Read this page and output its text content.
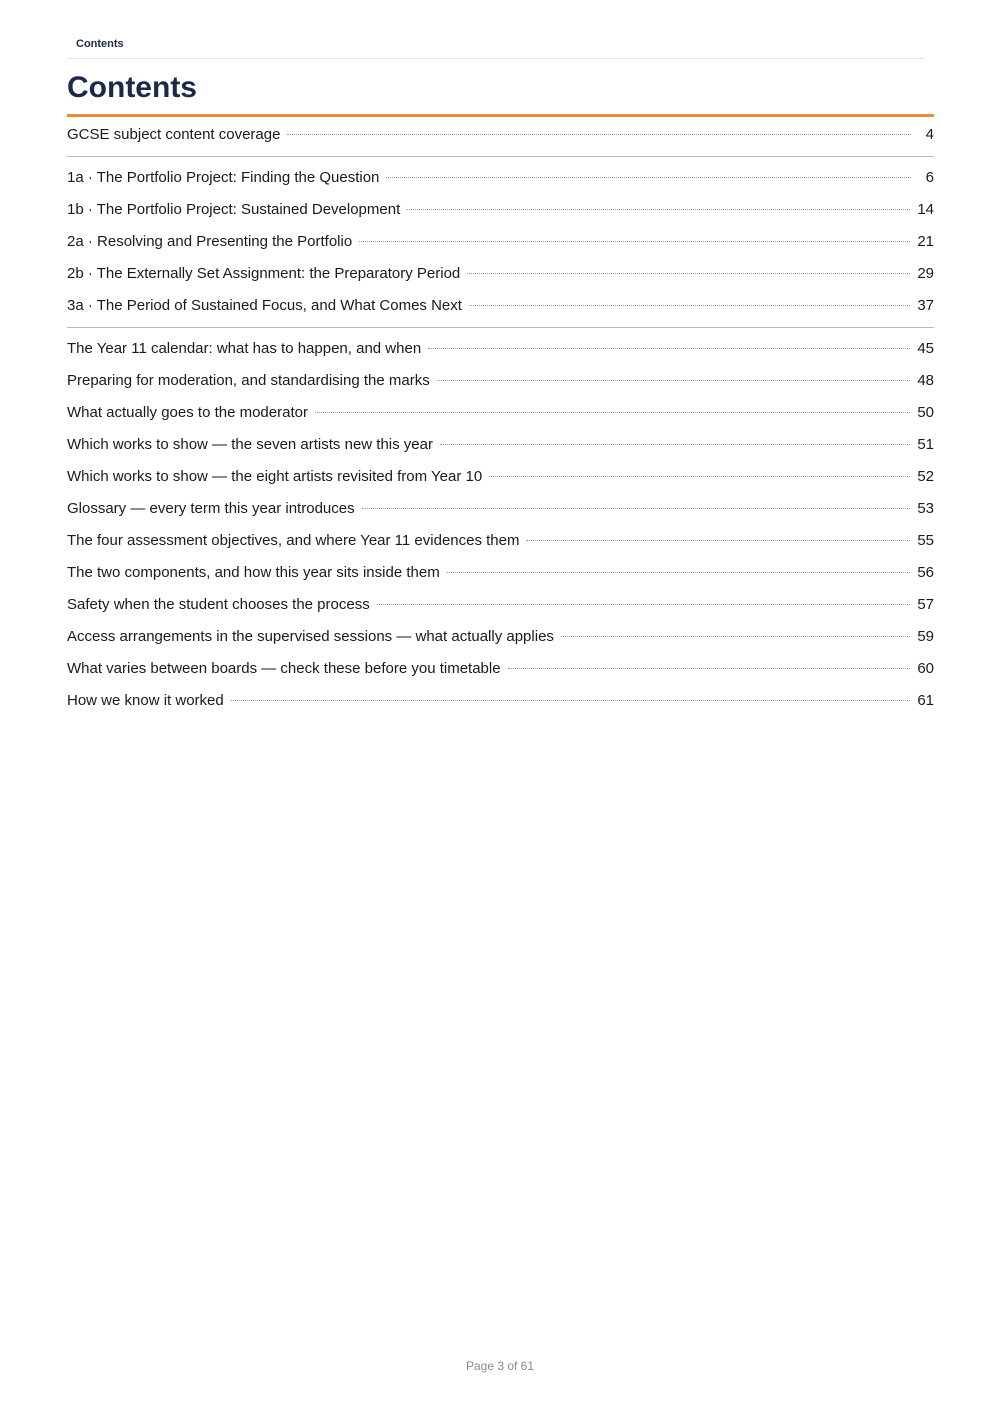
Contents
Contents
GCSE subject content coverage	4
1a · The Portfolio Project: Finding the Question	6
1b · The Portfolio Project: Sustained Development	14
2a · Resolving and Presenting the Portfolio	21
2b · The Externally Set Assignment: the Preparatory Period	29
3a · The Period of Sustained Focus, and What Comes Next	37
The Year 11 calendar: what has to happen, and when	45
Preparing for moderation, and standardising the marks	48
What actually goes to the moderator	50
Which works to show — the seven artists new this year	51
Which works to show — the eight artists revisited from Year 10	52
Glossary — every term this year introduces	53
The four assessment objectives, and where Year 11 evidences them	55
The two components, and how this year sits inside them	56
Safety when the student chooses the process	57
Access arrangements in the supervised sessions — what actually applies	59
What varies between boards — check these before you timetable	60
How we know it worked	61
Page 3 of 61
